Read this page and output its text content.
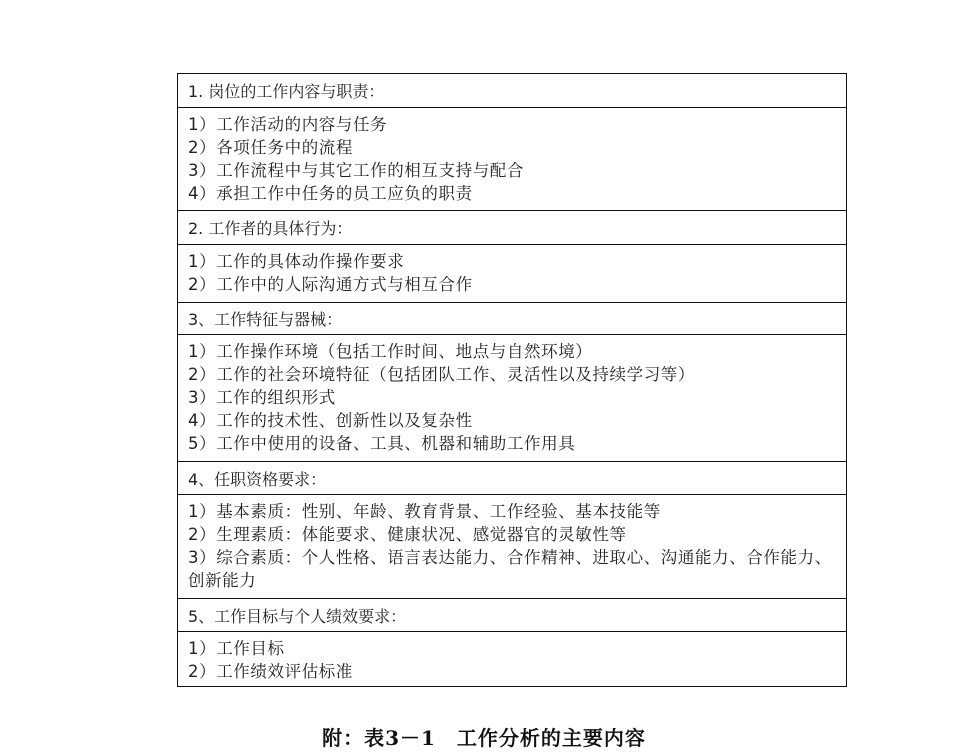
1. 岗位的工作内容与职责：
1）工作活动的内容与任务
2）各项任务中的流程
3）工作流程中与其它工作的相互支持与配合
4）承担工作中任务的员工应负的职责
2. 工作者的具体行为：
1）工作的具体动作操作要求
2）工作中的人际沟通方式与相互合作
3、工作特征与器械：
1）工作操作环境（包括工作时间、地点与自然环境）
2）工作的社会环境特征（包括团队工作、灵活性以及持续学习等）
3）工作的组织形式
4）工作的技术性、创新性以及复杂性
5）工作中使用的设备、工具、机器和辅助工作用具
4、任职资格要求：
1）基本素质：性别、年龄、教育背景、工作经验、基本技能等
2）生理素质：体能要求、健康状况、感觉器官的灵敏性等
3）综合素质：个人性格、语言表达能力、合作精神、进取心、沟通能力、合作能力、创新能力
5、工作目标与个人绩效要求：
1）工作目标
2）工作绩效评估标准
附：表3－1　工作分析的主要内容
